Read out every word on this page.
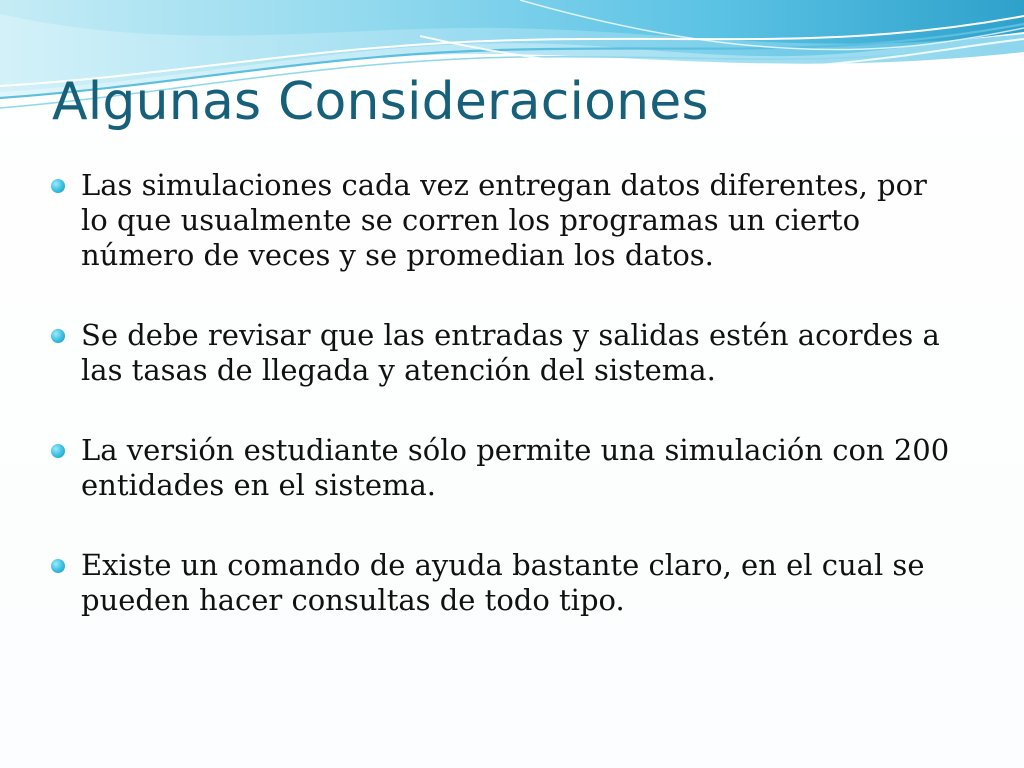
Algunas Consideraciones
Las simulaciones cada vez entregan datos diferentes, por lo que usualmente se corren los programas un cierto número de veces y se promedian los datos.
Se debe revisar que las entradas y salidas estén acordes a las tasas de llegada y atención del sistema.
La versión estudiante sólo permite una simulación con 200 entidades en el sistema.
Existe un comando de ayuda bastante claro, en el cual se pueden hacer consultas de todo tipo.
